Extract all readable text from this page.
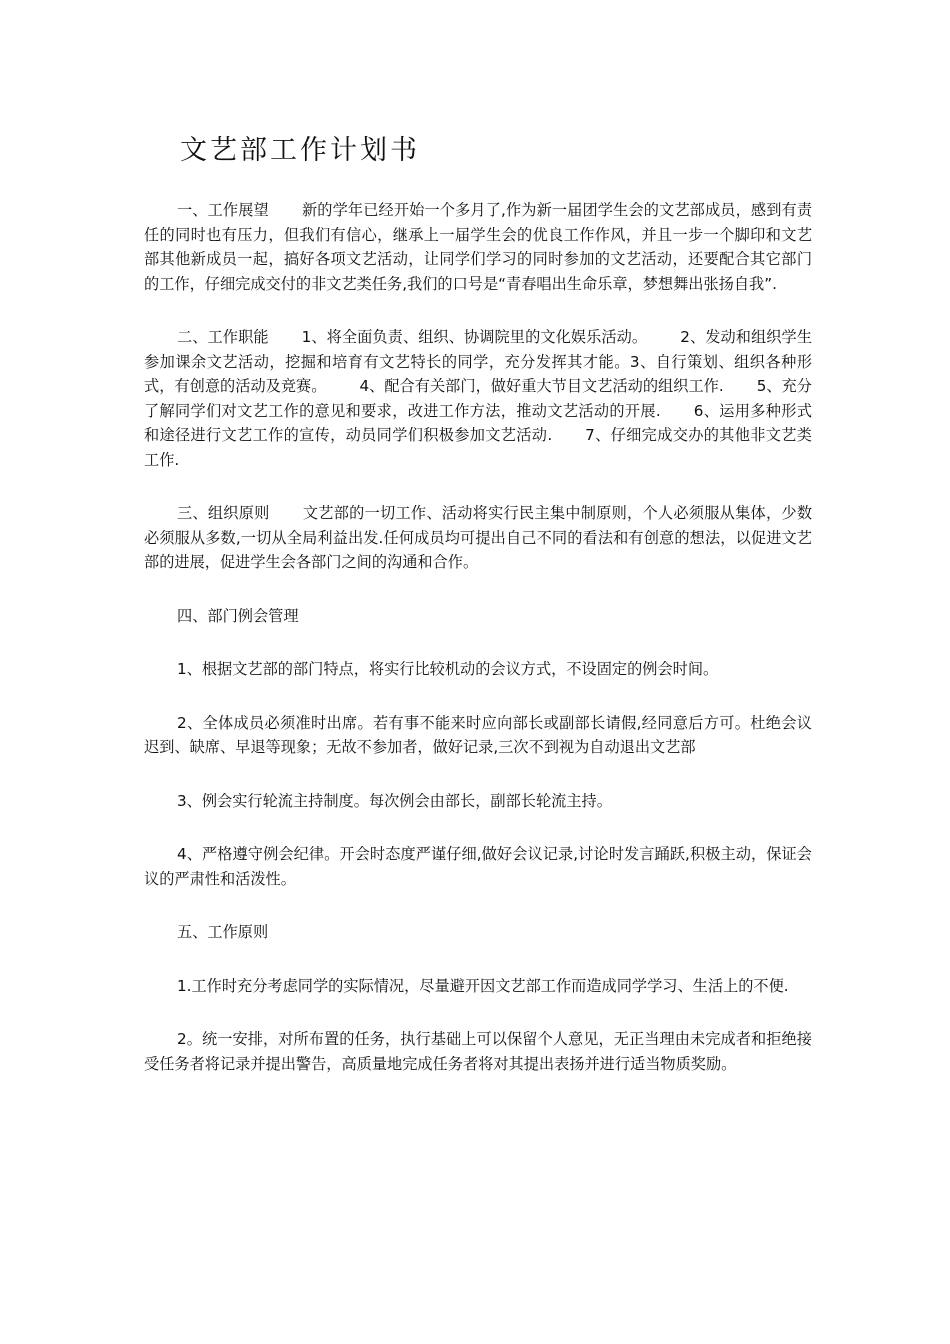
文艺部工作计划书

一、工作展望 新的学年已经开始一个多月了,作为新一届团学生会的文艺部成员，感到有责任的同时也有压力，但我们有信心，继承上一届学生会的优良工作作风，并且一步一个脚印和文艺部其他新成员一起，搞好各项文艺活动，让同学们学习的同时参加的文艺活动，还要配合其它部门的工作，仔细完成交付的非文艺类任务,我们的口号是“青春唱出生命乐章，梦想舞出张扬自我”.

二、工作职能 1、将全面负责、组织、协调院里的文化娱乐活动。 2、发动和组织学生参加课余文艺活动，挖掘和培育有文艺特长的同学，充分发挥其才能。3、自行策划、组织各种形式，有创意的活动及竞赛。 4、配合有关部门，做好重大节目文艺活动的组织工作. 5、充分了解同学们对文艺工作的意见和要求，改进工作方法，推动文艺活动的开展. 6、运用多种形式和途径进行文艺工作的宣传，动员同学们积极参加文艺活动. 7、仔细完成交办的其他非文艺类工作.

三、组织原则 文艺部的一切工作、活动将实行民主集中制原则，个人必须服从集体，少数必须服从多数,一切从全局利益出发.任何成员均可提出自己不同的看法和有创意的想法，以促进文艺部的进展，促进学生会各部门之间的沟通和合作。

四、部门例会管理

1、根据文艺部的部门特点，将实行比较机动的会议方式，不设固定的例会时间。

2、全体成员必须准时出席。若有事不能来时应向部长或副部长请假,经同意后方可。杜绝会议迟到、缺席、早退等现象；无故不参加者，做好记录,三次不到视为自动退出文艺部

3、例会实行轮流主持制度。每次例会由部长，副部长轮流主持。

4、严格遵守例会纪律。开会时态度严谨仔细,做好会议记录,讨论时发言踊跃,积极主动，保证会议的严肃性和活泼性。

五、工作原则

1.工作时充分考虑同学的实际情况，尽量避开因文艺部工作而造成同学学习、生活上的不便.

2。统一安排，对所布置的任务，执行基础上可以保留个人意见，无正当理由未完成者和拒绝接受任务者将记录并提出警告，高质量地完成任务者将对其提出表扬并进行适当物质奖励。
